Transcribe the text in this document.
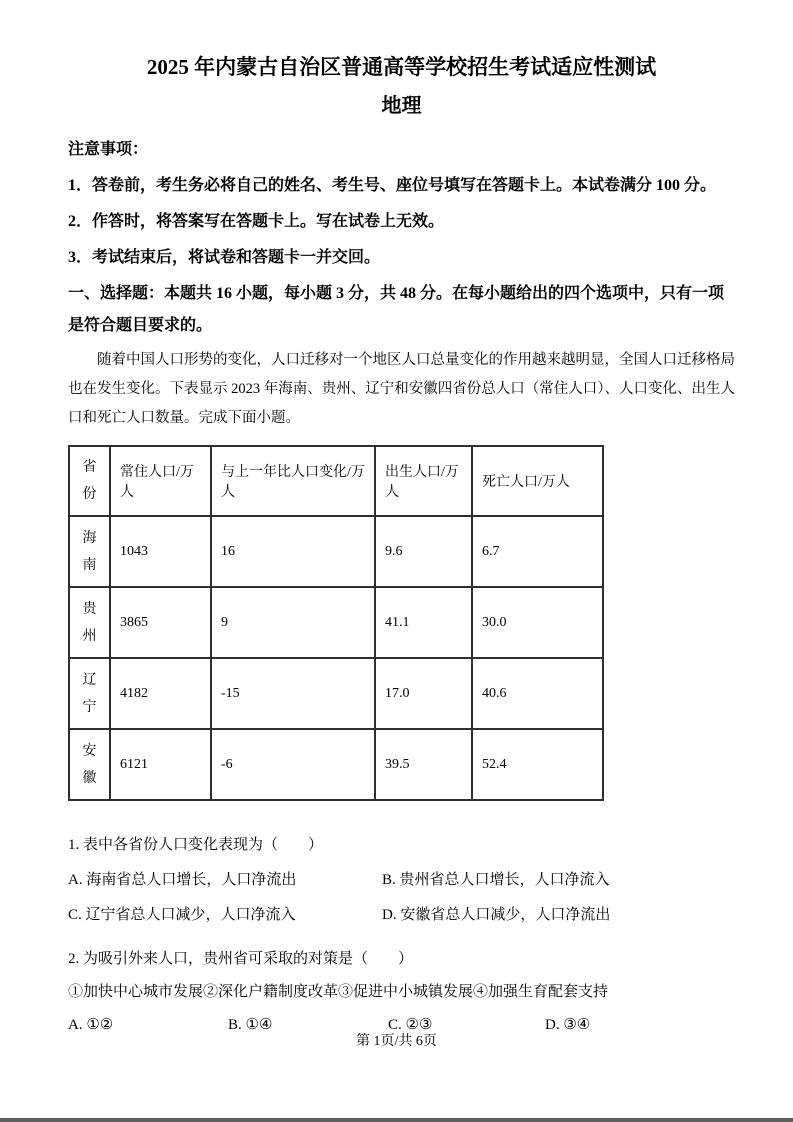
2025 年内蒙古自治区普通高等学校招生考试适应性测试
地理
注意事项：
1．答卷前，考生务必将自己的姓名、考生号、座位号填写在答题卡上。本试卷满分 100 分。
2．作答时，将答案写在答题卡上。写在试卷上无效。
3．考试结束后，将试卷和答题卡一并交回。
一、选择题：本题共 16 小题，每小题 3 分，共 48 分。在每小题给出的四个选项中，只有一项是符合题目要求的。
随着中国人口形势的变化，人口迁移对一个地区人口总量变化的作用越来越明显，全国人口迁移格局也在发生变化。下表显示 2023 年海南、贵州、辽宁和安徽四省份总人口（常住人口）、人口变化、出生人口和死亡人口数量。完成下面小题。
省份	常住人口/万人	与上一年比人口变化/万人	出生人口/万人	死亡人口/万人
海南	1043	16	9.6	6.7
贵州	3865	9	41.1	30.0
辽宁	4182	-15	17.0	40.6
安徽	6121	-6	39.5	52.4
1. 表中各省份人口变化表现为（　　）
A. 海南省总人口增长，人口净流出	B. 贵州省总人口增长，人口净流入
C. 辽宁省总人口减少，人口净流入	D. 安徽省总人口减少，人口净流出
2. 为吸引外来人口，贵州省可采取的对策是（　　）
①加快中心城市发展②深化户籍制度改革③促进中小城镇发展④加强生育配套支持
A. ①②	B. ①④	C. ②③	D. ③④
第 1页/共 6页
